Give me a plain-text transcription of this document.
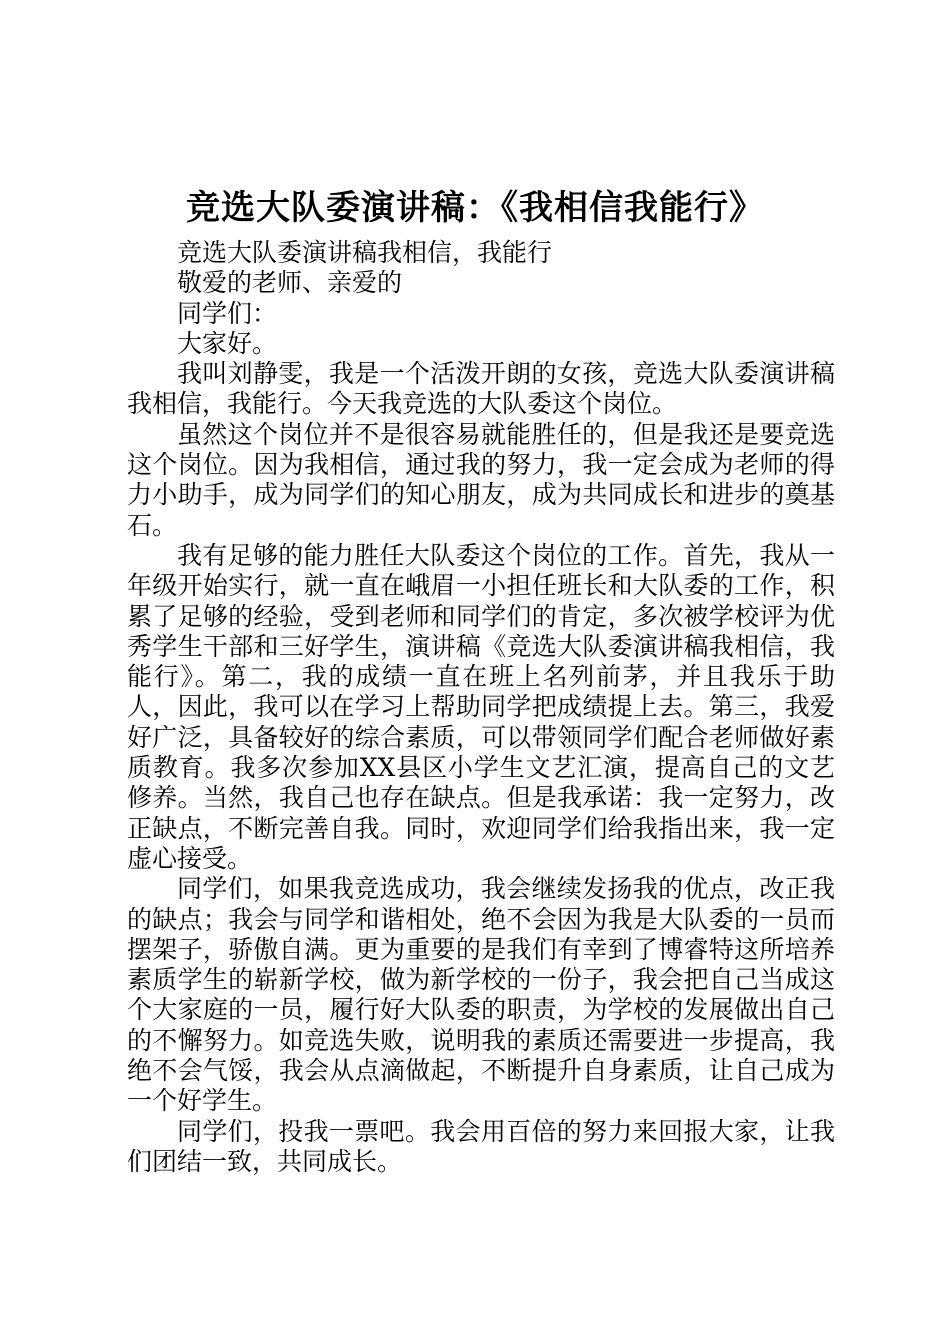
竞选大队委演讲稿：《我相信我能行》

竞选大队委演讲稿我相信，我能行

敬爱的老师、亲爱的

同学们：

大家好。

我叫刘静雯，我是一个活泼开朗的女孩，竞选大队委演讲稿我相信，我能行。今天我竞选的大队委这个岗位。

虽然这个岗位并不是很容易就能胜任的，但是我还是要竞选这个岗位。因为我相信，通过我的努力，我一定会成为老师的得力小助手，成为同学们的知心朋友，成为共同成长和进步的奠基石。

我有足够的能力胜任大队委这个岗位的工作。首先，我从一年级开始实行，就一直在峨眉一小担任班长和大队委的工作，积累了足够的经验，受到老师和同学们的肯定，多次被学校评为优秀学生干部和三好学生，演讲稿《竞选大队委演讲稿我相信，我能行》。第二，我的成绩一直在班上名列前茅，并且我乐于助人，因此，我可以在学习上帮助同学把成绩提上去。第三，我爱好广泛，具备较好的综合素质，可以带领同学们配合老师做好素质教育。我多次参加XX县区小学生文艺汇演，提高自己的文艺修养。当然，我自己也存在缺点。但是我承诺：我一定努力，改正缺点，不断完善自我。同时，欢迎同学们给我指出来，我一定虚心接受。

同学们，如果我竞选成功，我会继续发扬我的优点，改正我的缺点；我会与同学和谐相处，绝不会因为我是大队委的一员而摆架子，骄傲自满。更为重要的是我们有幸到了博睿特这所培养素质学生的崭新学校，做为新学校的一份子，我会把自己当成这个大家庭的一员，履行好大队委的职责，为学校的发展做出自己的不懈努力。如竞选失败，说明我的素质还需要进一步提高，我绝不会气馁，我会从点滴做起，不断提升自身素质，让自己成为一个好学生。

同学们，投我一票吧。我会用百倍的努力来回报大家，让我们团结一致，共同成长。
